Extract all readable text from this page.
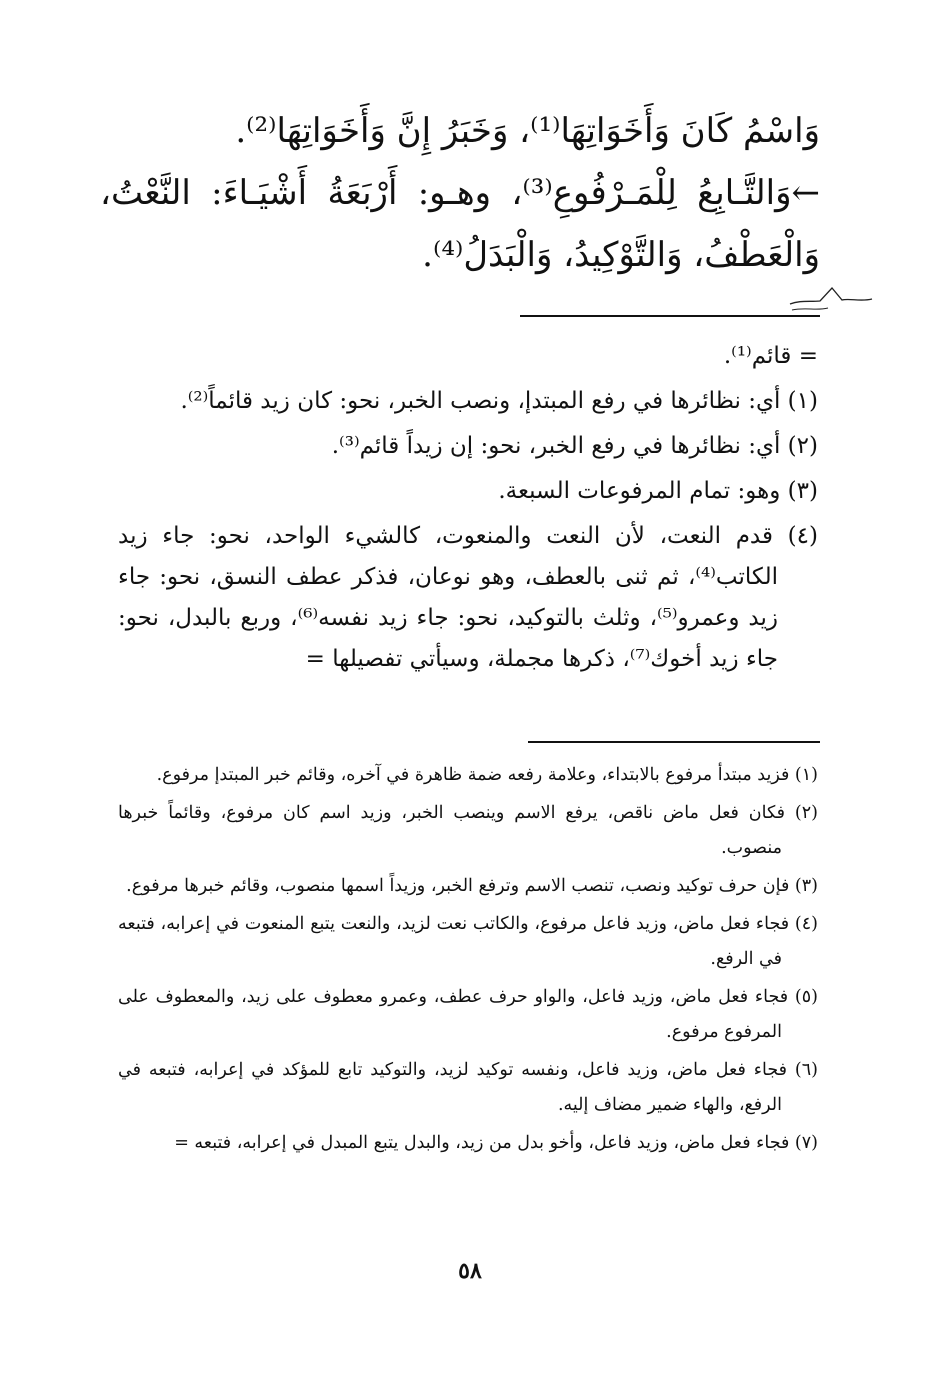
وَاسْمُ كَانَ وَأَخَوَاتِهَا⁽¹⁾، وَخَبَرُ إِنَّ وَأَخَوَاتِهَا⁽²⁾.

←وَالتَّـابِعُ لِلْمَـرْفُوعِ⁽³⁾، وهـو: أَرْبَعَةُ أَشْيَـاءَ: النَّعْتُ، وَالْعَطْفُ، وَالتَّوْكِيدُ، وَالْبَدَلُ⁽⁴⁾.

= قائم⁽¹⁾.

(١) أي: نظائرها في رفع المبتدإ، ونصب الخبر، نحو: كان زيد قائماً⁽²⁾.

(٢) أي: نظائرها في رفع الخبر، نحو: إن زيداً قائم⁽³⁾.

(٣) وهو: تمام المرفوعات السبعة.

(٤) قدم النعت، لأن النعت والمنعوت، كالشيء الواحد، نحو: جاء زيد الكاتب⁽⁴⁾، ثم ثنى بالعطف، وهو نوعان، فذكر عطف النسق، نحو: جاء زيد وعمرو⁽⁵⁾، وثلث بالتوكيد، نحو: جاء زيد نفسه⁽⁶⁾، وربع بالبدل، نحو: جاء زيد أخوك⁽⁷⁾، ذكرها مجملة، وسيأتي تفصيلها =

(١) فزيد مبتدأ مرفوع بالابتداء، وعلامة رفعه ضمة ظاهرة في آخره، وقائم خبر المبتدإ مرفوع.

(٢) فكان فعل ماض ناقص، يرفع الاسم وينصب الخبر، وزيد اسم كان مرفوع، وقائماً خبرها منصوب.

(٣) فإن حرف توكيد ونصب، تنصب الاسم وترفع الخبر، وزيداً اسمها منصوب، وقائم خبرها مرفوع.

(٤) فجاء فعل ماض، وزيد فاعل مرفوع، والكاتب نعت لزيد، والنعت يتبع المنعوت في إعرابه، فتبعه في الرفع.

(٥) فجاء فعل ماض، وزيد فاعل، والواو حرف عطف، وعمرو معطوف على زيد، والمعطوف على المرفوع مرفوع.

(٦) فجاء فعل ماض، وزيد فاعل، ونفسه توكيد لزيد، والتوكيد تابع للمؤكد في إعرابه، فتبعه في الرفع، والهاء ضمير مضاف إليه.

(٧) فجاء فعل ماض، وزيد فاعل، وأخو بدل من زيد، والبدل يتبع المبدل في إعرابه، فتبعه =

٥٨
